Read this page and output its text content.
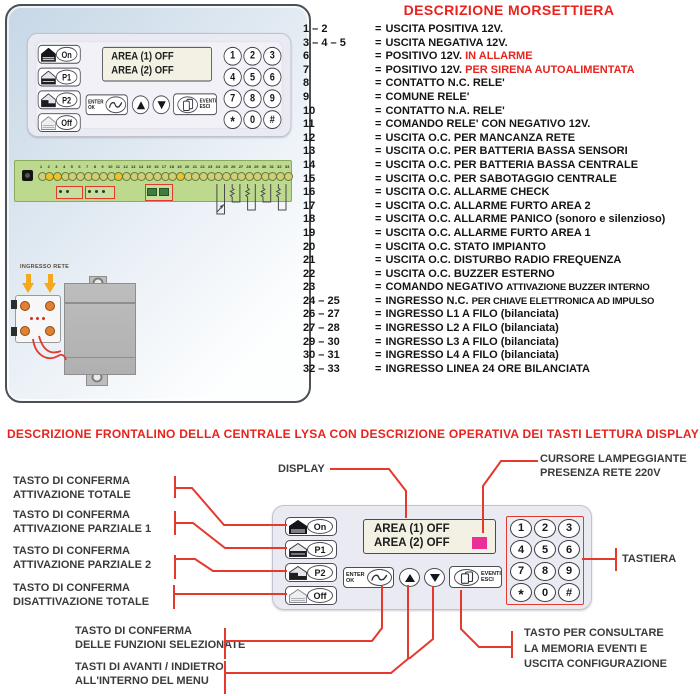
On
P1
P2
Off
AREA (1) OFF
AREA (2) OFF
ENTER
OK
EVENTI
ESCI
1	2	3
4	5	6
7	8	9
*	0	#
1	2	3	4	5	6	7	8	9	10 11 12 13 14 15 16 17 18 19 20 21 22 23 24 25 26 27 28 29 30 31 32 33
INGRESSO RETE
DESCRIZIONE MORSETTIERA
1 – 2	= USCITA POSITIVA 12V.
3 – 4 – 5	= USCITA NEGATIVA 12V.
6	= POSITIVO 12V. IN ALLARME
7	= POSITIVO 12V. PER SIRENA AUTOALIMENTATA
8	= CONTATTO N.C. RELE'
9	= COMUNE RELE'
10	= CONTATTO N.A. RELE'
11	= COMANDO RELE' CON NEGATIVO 12V.
12	= USCITA O.C. PER MANCANZA RETE
13	= USCITA O.C. PER BATTERIA BASSA SENSORI
14	= USCITA O.C. PER BATTERIA BASSA CENTRALE
15	= USCITA O.C. PER SABOTAGGIO CENTRALE
16	= USCITA O.C. ALLARME CHECK
17	= USCITA O.C. ALLARME FURTO AREA 2
18	= USCITA O.C. ALLARME PANICO (sonoro e silenzioso)
19	= USCITA O.C. ALLARME FURTO AREA 1
20	= USCITA O.C. STATO IMPIANTO
21	= USCITA O.C. DISTURBO RADIO FREQUENZA
22	= USCITA O.C. BUZZER ESTERNO
23	= COMANDO NEGATIVO ATTIVAZIONE BUZZER INTERNO
24 – 25	= INGRESSO N.C. PER CHIAVE ELETTRONICA AD IMPULSO
26 – 27	= INGRESSO L1 A FILO (bilanciata)
27 – 28	= INGRESSO L2 A FILO (bilanciata)
29 – 30	= INGRESSO L3 A FILO (bilanciata)
30 – 31	= INGRESSO L4 A FILO (bilanciata)
32 – 33	= INGRESSO LINEA 24 ORE BILANCIATA
DESCRIZIONE FRONTALINO DELLA CENTRALE LYSA CON DESCRIZIONE OPERATIVA DEI TASTI LETTURA DISPLAY
On
P1
P2
Off
AREA (1) OFF
AREA (2) OFF
ENTER
OK
EVENTI
ESCI
1	2	3
4	5	6
7	8	9
*	0	#
DISPLAY
CURSORE LAMPEGGIANTE
PRESENZA RETE 220V
TASTIERA
TASTO DI CONFERMA
ATTIVAZIONE TOTALE
TASTO DI CONFERMA
ATTIVAZIONE PARZIALE 1
TASTO DI CONFERMA
ATTIVAZIONE PARZIALE 2
TASTO DI CONFERMA
DISATTIVAZIONE TOTALE
TASTO DI CONFERMA
DELLE FUNZIONI SELEZIONATE
TASTI DI AVANTI / INDIETRO
ALL'INTERNO DEL MENU
TASTO PER CONSULTARE
LA MEMORIA EVENTI E
USCITA CONFIGURAZIONE
